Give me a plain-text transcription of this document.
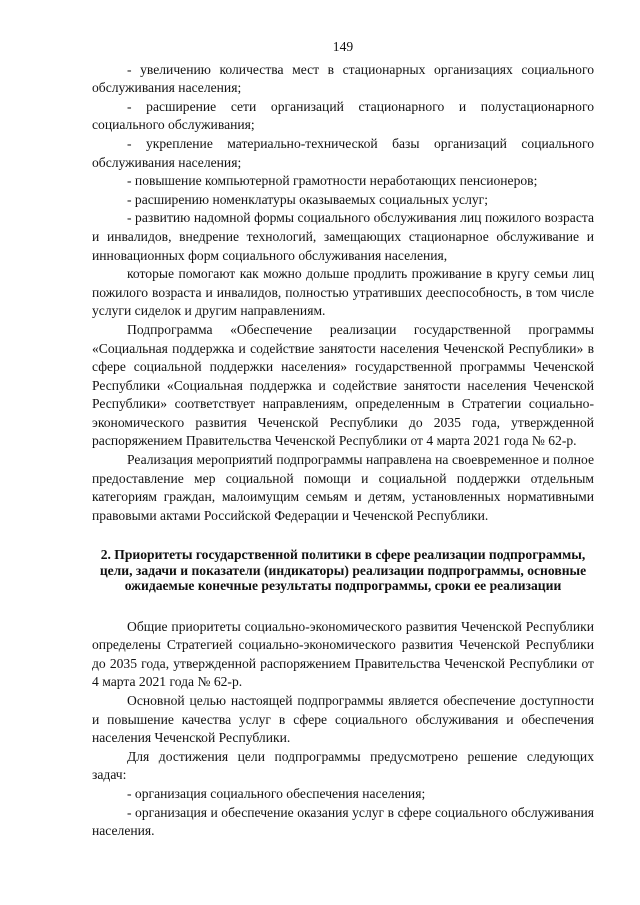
149

- увеличению количества мест в стационарных организациях социального обслуживания населения;

- расширение сети организаций стационарного и полустационарного социального обслуживания;

- укрепление материально-технической базы организаций социального обслуживания населения;

- повышение компьютерной грамотности неработающих пенсионеров;

- расширению номенклатуры оказываемых социальных услуг;

- развитию надомной формы социального обслуживания лиц пожилого возраста и инвалидов, внедрение технологий, замещающих стационарное обслуживание и инновационных форм социального обслуживания населения,

которые помогают как можно дольше продлить проживание в кругу семьи лиц пожилого возраста и инвалидов, полностью утративших дееспособность, в том числе услуги сиделок и другим направлениям.

Подпрограмма «Обеспечение реализации государственной программы «Социальная поддержка и содействие занятости населения Чеченской Республики» в сфере социальной поддержки населения» государственной программы Чеченской Республики «Социальная поддержка и содействие занятости населения Чеченской Республики» соответствует направлениям, определенным в Стратегии социально-экономического развития Чеченской Республики до 2035 года, утвержденной распоряжением Правительства Чеченской Республики от 4 марта 2021 года № 62-р.

Реализация мероприятий подпрограммы направлена на своевременное и полное предоставление мер социальной помощи и социальной поддержки отдельным категориям граждан, малоимущим семьям и детям, установленных нормативными правовыми актами Российской Федерации и Чеченской Республики.

2. Приоритеты государственной политики в сфере реализации подпрограммы, цели, задачи и показатели (индикаторы) реализации подпрограммы, основные ожидаемые конечные результаты подпрограммы, сроки ее реализации

Общие приоритеты социально-экономического развития Чеченской Республики определены Стратегией социально-экономического развития Чеченской Республики до 2035 года, утвержденной распоряжением Правительства Чеченской Республики от 4 марта 2021 года № 62-р.

Основной целью настоящей подпрограммы является обеспечение доступности и повышение качества услуг в сфере социального обслуживания и обеспечения населения Чеченской Республики.

Для достижения цели подпрограммы предусмотрено решение следующих задач:

- организация социального обеспечения населения;

- организация и обеспечение оказания услуг в сфере социального обслуживания населения.
